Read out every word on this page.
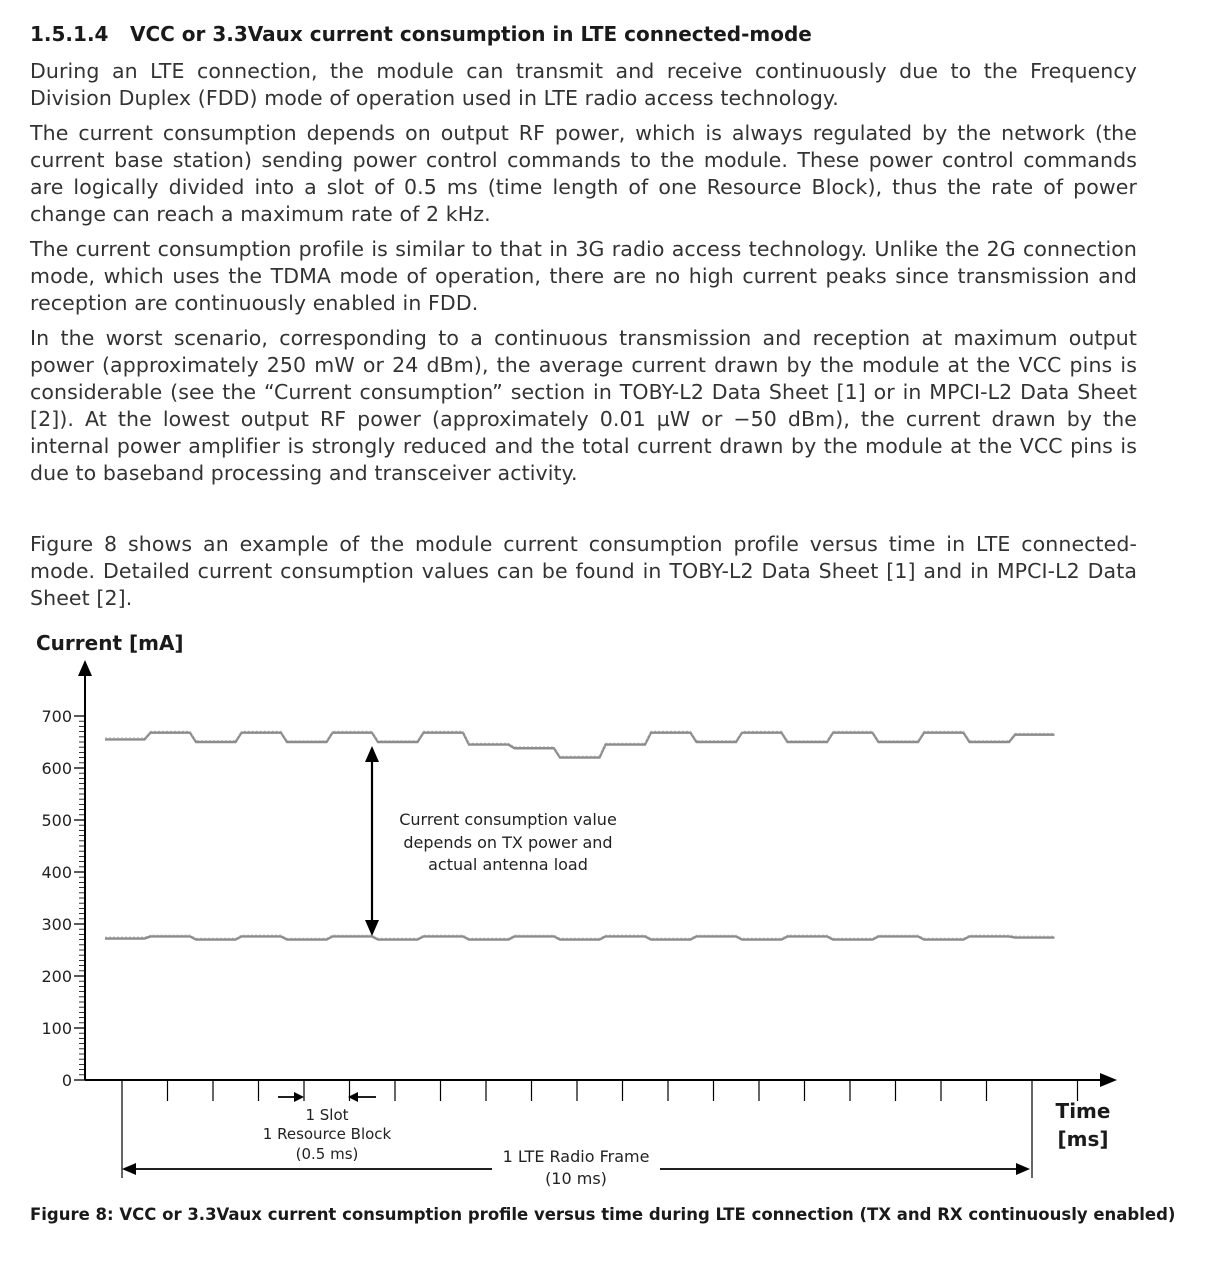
1.5.1.4 VCC or 3.3Vaux current consumption in LTE connected-mode
During an LTE connection, the module can transmit and receive continuously due to the Frequency Division Duplex (FDD) mode of operation used in LTE radio access technology.
The current consumption depends on output RF power, which is always regulated by the network (the current base station) sending power control commands to the module. These power control commands are logically divided into a slot of 0.5 ms (time length of one Resource Block), thus the rate of power change can reach a maximum rate of 2 kHz.
The current consumption profile is similar to that in 3G radio access technology. Unlike the 2G connection mode, which uses the TDMA mode of operation, there are no high current peaks since transmission and reception are continuously enabled in FDD.
In the worst scenario, corresponding to a continuous transmission and reception at maximum output power (approximately 250 mW or 24 dBm), the average current drawn by the module at the VCC pins is considerable (see the “Current consumption” section in TOBY-L2 Data Sheet [1] or in MPCI-L2 Data Sheet [2]). At the lowest output RF power (approximately 0.01 µW or −50 dBm), the current drawn by the internal power amplifier is strongly reduced and the total current drawn by the module at the VCC pins is due to baseband processing and transceiver activity.
Figure 8 shows an example of the module current consumption profile versus time in LTE connected-mode. Detailed current consumption values can be found in TOBY-L2 Data Sheet [1] and in MPCI-L2 Data Sheet [2].
Current [mA]
0
100
200
300
400
500
600
700
Current consumption value
depends on TX power and
actual antenna load
1 Slot
1 Resource Block
(0.5 ms)	1 LTE Radio Frame
(10 ms)
Time
[ms]
Figure 8: VCC or 3.3Vaux current consumption profile versus time during LTE connection (TX and RX continuously enabled)
